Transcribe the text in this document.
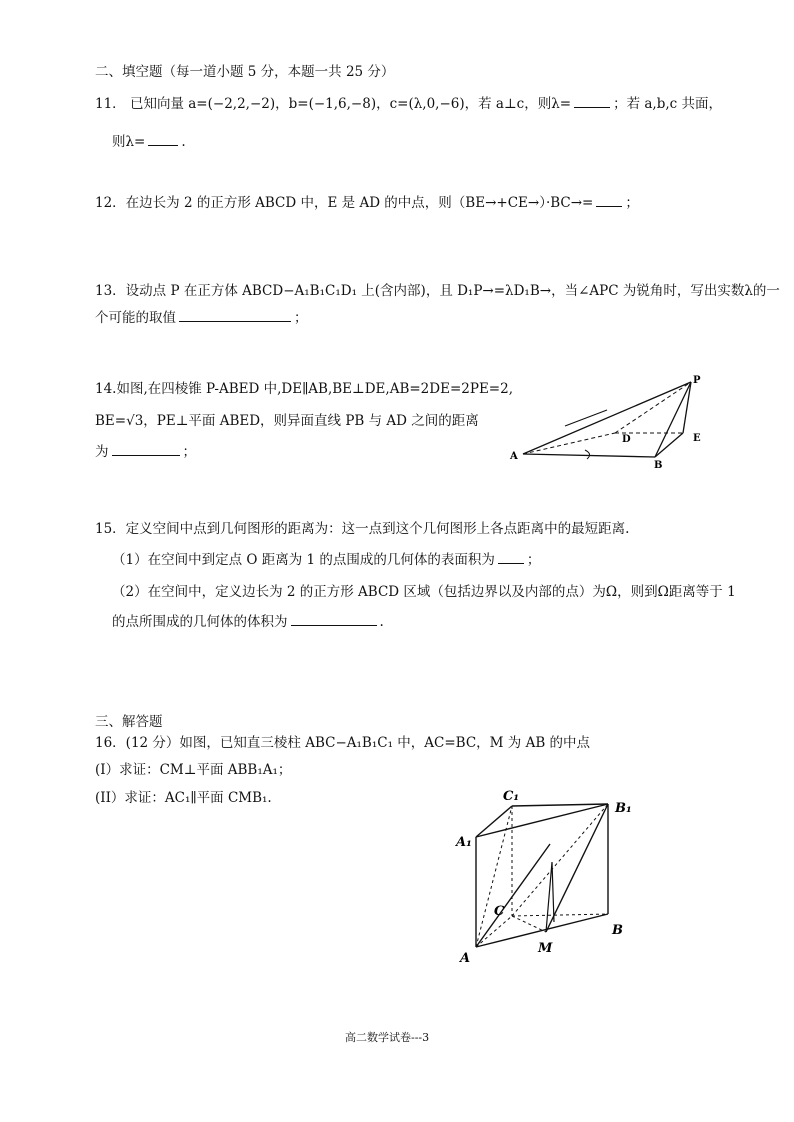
二、填空题（每一道小题 5 分，本题一共 25 分）
11． 已知向量 a=(−2,2,−2)，b=(−1,6,−8)，c=(λ,0,−6)，若 a⊥c，则λ=	；若 a,b,c 共面，
则λ=	.
12．在边长为 2 的正方形 ABCD 中，E 是 AD 的中点，则（BE→+CE→）·BC→= ；
13．设动点 P 在正方体 ABCD−A₁B₁C₁D₁ 上(含内部)，且 D₁P→=λD₁B→，当∠APC 为锐角时，写出实数λ的一
个可能的取值	；
14.如图,在四棱锥 P-ABED 中,DE∥AB,BE⊥DE,AB=2DE=2PE=2,
BE=√3，PE⊥平面 ABED，则异面直线 PB 与 AD 之间的距离
为	；
P
A
B
D	E
15．定义空间中点到几何图形的距离为：这一点到这个几何图形上各点距离中的最短距离.
（1）在空间中到定点 O 距离为 1 的点围成的几何体的表面积为 ；
（2）在空间中，定义边长为 2 的正方形 ABCD 区域（包括边界以及内部的点）为Ω，则到Ω距离等于 1
的点所围成的几何体的体积为	.
三、解答题
16．(12 分）如图，已知直三棱柱 ABC−A₁B₁C₁ 中，AC=BC，M 为 AB 的中点
(I）求证：CM⊥平面 ABB₁A₁；
(II）求证：AC₁∥平面 CMB₁.	C₁
B₁
A₁
C
B
A
M
高二数学试卷---3
